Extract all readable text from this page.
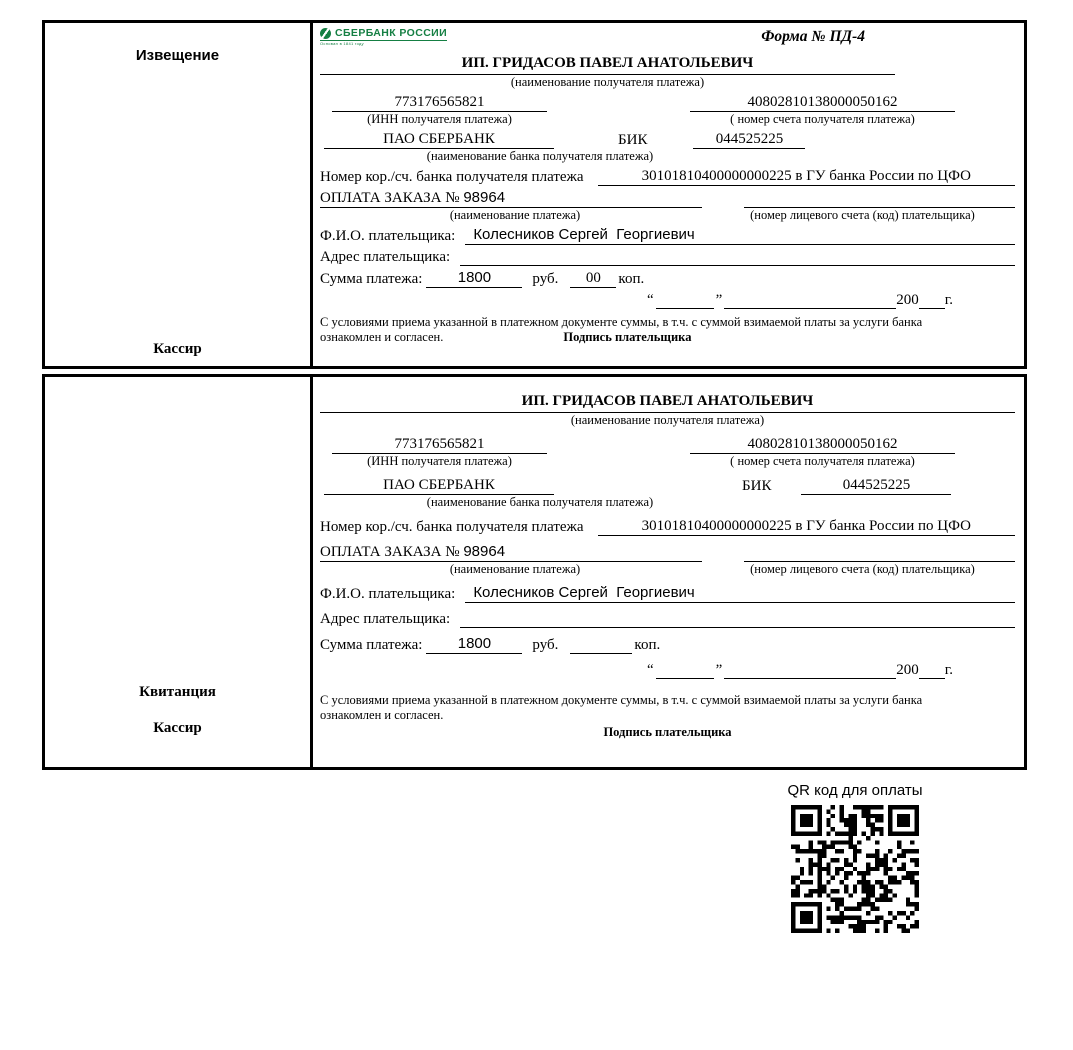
Извещение
Кассир
СБЕРБАНК РОССИИ
Основан в 1841 году	Форма № ПД-4
ИП. ГРИДАСОВ ПАВЕЛ АНАТОЛЬЕВИЧ
(наименование получателя платежа)
773176565821
(ИНН получателя платежа)
40802810138000050162
( номер счета получателя платежа)
ПАО СБЕРБАНК	БИК	044525225
(наименование банка получателя платежа)
Номер кор./сч. банка получателя платежа	30101810400000000225 в ГУ банка России по ЦФО
ОПЛАТА ЗАКАЗА № 98964
(наименование платежа)	(номер лицевого счета (код) плательщика)
Ф.И.О. плательщика:	Колесников Сергей  Георгиевич
Адрес плательщика:
Сумма платежа:	1800	руб.	00	коп.
“	”	200 г.
С условиями приема указанной в платежном документе суммы, в т.ч. с суммой взимаемой платы за услуги банка
ознакомлен и согласен.	Подпись плательщика
Квитанция
Кассир
ИП. ГРИДАСОВ ПАВЕЛ АНАТОЛЬЕВИЧ
(наименование получателя платежа)
773176565821
(ИНН получателя платежа)
40802810138000050162
( номер счета получателя платежа)
ПАО СБЕРБАНК	БИК	044525225
(наименование банка получателя платежа)
Номер кор./сч. банка получателя платежа	30101810400000000225 в ГУ банка России по ЦФО
ОПЛАТА ЗАКАЗА № 98964
(наименование платежа)	(номер лицевого счета (код) плательщика)
Ф.И.О. плательщика:	Колесников Сергей  Георгиевич
Адрес плательщика:
Сумма платежа:	1800	руб.	коп.
“	”	200 г.
С условиями приема указанной в платежном документе суммы, в т.ч. с суммой взимаемой платы за услуги банка
ознакомлен и согласен.
Подпись плательщика
QR код для оплаты
